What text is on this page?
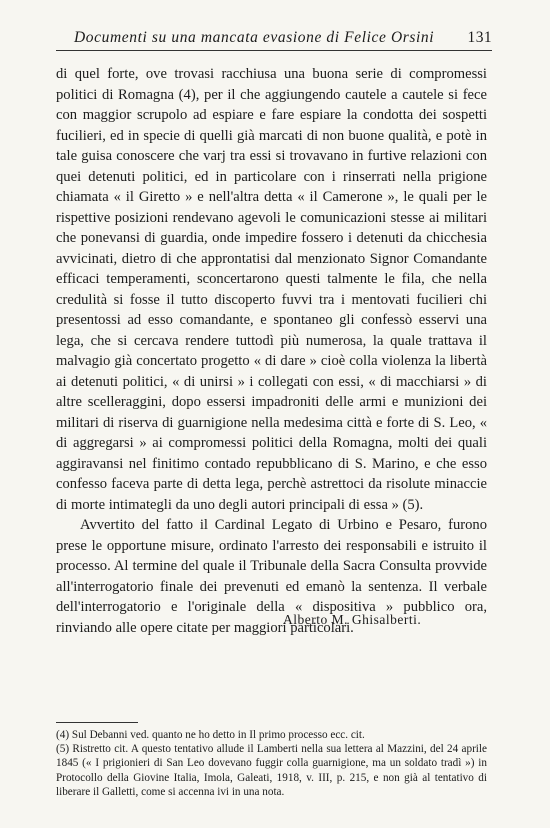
Documenti su una mancata evasione di Felice Orsini 131

di quel forte, ove trovasi racchiusa una buona serie di compromessi politici di Romagna (4), per il che aggiungendo cautele a cautele si fece con maggior scrupolo ad espiare e fare espiare la condotta dei sospetti fucilieri, ed in specie di quelli già marcati di non buone qualità, e potè in tale guisa conoscere che varj tra essi si trovavano in furtive relazioni con quei detenuti politici, ed in particolare con i rinserrati nella prigione chiamata « il Giretto » e nell'altra detta « il Camerone », le quali per le rispettive posizioni rendevano agevoli le comunicazioni stesse ai militari che ponevansi di guardia, onde impedire fossero i detenuti da chicchesia avvicinati, dietro di che approntatisi dal menzionato Signor Comandante efficaci temperamenti, sconcertarono questi talmente le fila, che nella credulità si fosse il tutto discoperto fuvvi tra i mentovati fucilieri chi presentossi ad esso comandante, e spontaneo gli confessò esservi una lega, che si cercava rendere tuttodì più numerosa, la quale trattava il malvagio già concertato progetto « di dare » cioè colla violenza la libertà ai detenuti politici, « di unirsi » i collegati con essi, « di macchiarsi » di altre scelleraggini, dopo essersi impadroniti delle armi e munizioni dei militari di riserva di guarnigione nella medesima città e forte di S. Leo, « di aggregarsi » ai compromessi politici della Romagna, molti dei quali aggiravansi nel finitimo contado repubblicano di S. Marino, e che esso confesso faceva parte di detta lega, perchè astrettoci da risolute minaccie di morte intimategli da uno degli autori principali di essa » (5).

Avvertito del fatto il Cardinal Legato di Urbino e Pesaro, furono prese le opportune misure, ordinato l'arresto dei responsabili e istruito il processo. Al termine del quale il Tribunale della Sacra Consulta provvide all'interrogatorio finale dei prevenuti ed emanò la sentenza. Il verbale dell'interrogatorio e l'originale della « dispositiva » pubblico ora, rinviando alle opere citate per maggiori particolari.

Alberto M. Ghisalberti.

(4) Sul Debanni ved. quanto ne ho detto in Il primo processo ecc. cit.

(5) Ristretto cit. A questo tentativo allude il Lamberti nella sua lettera al Mazzini, del 24 aprile 1845 (« I prigionieri di San Leo dovevano fuggir colla guarnigione, ma un soldato tradì ») in Protocollo della Giovine Italia, Imola, Galeati, 1918, v. III, p. 215, e non già al tentativo di liberare il Galletti, come si accenna ivi in una nota.
